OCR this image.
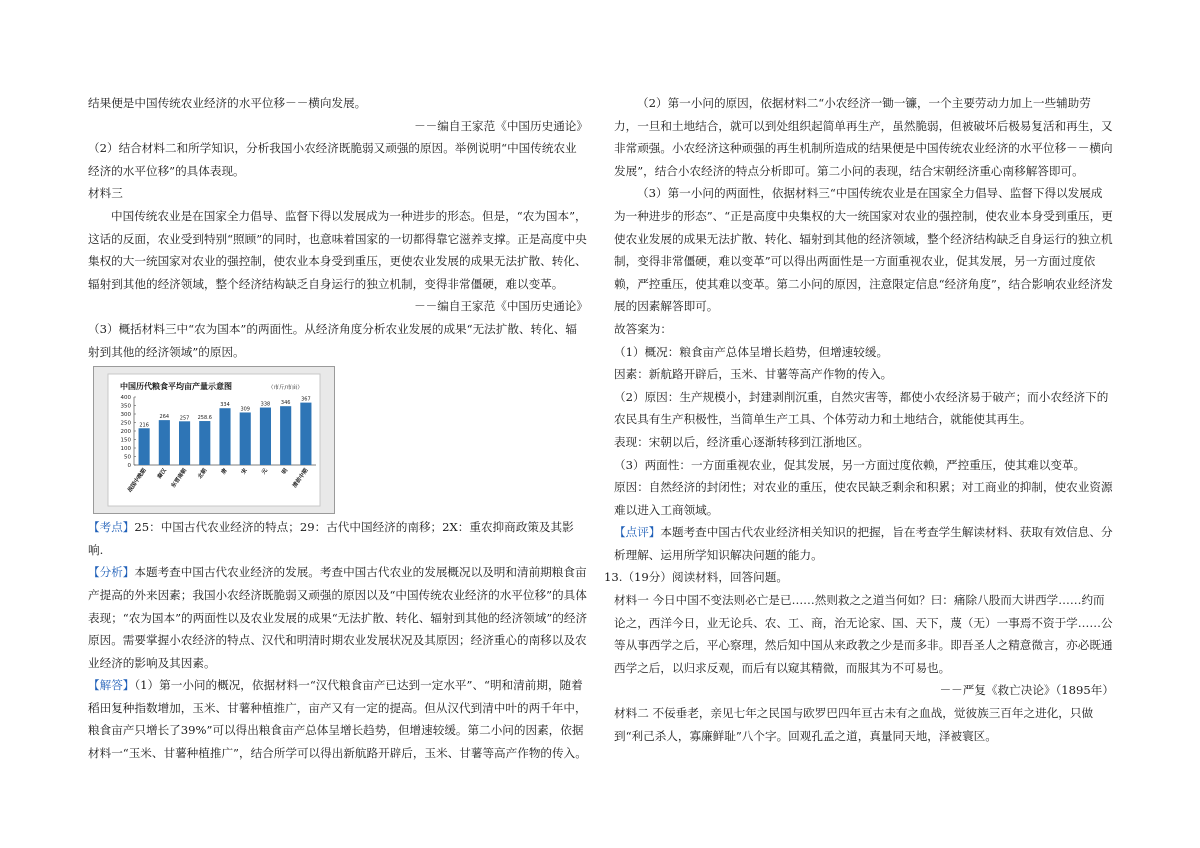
结果便是中国传统农业经济的水平位移－－横向发展。

－－编自王家范《中国历史通论》

（2）结合材料二和所学知识，分析我国小农经济既脆弱又顽强的原因。举例说明“中国传统农业经济的水平位移”的具体表现。

材料三

中国传统农业是在国家全力倡导、监督下得以发展成为一种进步的形态。但是，“农为国本”，这话的反面，农业受到特别“照顾”的同时，也意味着国家的一切都得靠它滋养支撑。正是高度中央集权的大一统国家对农业的强控制，使农业本身受到重压，更使农业发展的成果无法扩散、转化、辐射到其他的经济领域，整个经济结构缺乏自身运行的独立机制，变得非常僵硬，难以变革。

－－编自王家范《中国历史通论》

（3）概括材料三中“农为国本”的两面性。从经济角度分析农业发展的成果“无法扩散、转化、辐射到其他的经济领域”的原因。

中国历代粮食平均亩产量示意图	（市斤/市亩）
0
50
100
150
200
250
300
350
400
216
战国中晚期
264
秦汉
257
东晋南朝
258.6
北朝
334
唐
309
宋
338
元
346
明
367
清前中期

【考点】25：中国古代农业经济的特点；29：古代中国经济的南移；2X：重农抑商政策及其影响.

【分析】本题考查中国古代农业经济的发展。考查中国古代农业的发展概况以及明和清前期粮食亩产提高的外来因素；我国小农经济既脆弱又顽强的原因以及“中国传统农业经济的水平位移”的具体表现；“农为国本”的两面性以及农业发展的成果“无法扩散、转化、辐射到其他的经济领域”的经济原因。需要掌握小农经济的特点、汉代和明清时期农业发展状况及其原因；经济重心的南移以及农业经济的影响及其因素。

【解答】（1）第一小问的概况，依据材料一“汉代粮食亩产已达到一定水平”、“明和清前期，随着稻田复种指数增加，玉米、甘薯种植推广，亩产又有一定的提高。但从汉代到清中叶的两千年中，粮食亩产只增长了39%”可以得出粮食亩产总体呈增长趋势，但增速较缓。第二小问的因素，依据材料一“玉米、甘薯种植推广”，结合所学可以得出新航路开辟后，玉米、甘薯等高产作物的传入。

（2）第一小问的原因，依据材料二“小农经济一锄一镰，一个主要劳动力加上一些辅助劳力，一旦和土地结合，就可以到处组织起简单再生产，虽然脆弱，但被破坏后极易复活和再生，又非常顽强。小农经济这种顽强的再生机制所造成的结果便是中国传统农业经济的水平位移－－横向发展”，结合小农经济的特点分析即可。第二小问的表现，结合宋朝经济重心南移解答即可。

（3）第一小问的两面性，依据材料三“中国传统农业是在国家全力倡导、监督下得以发展成为一种进步的形态”、“正是高度中央集权的大一统国家对农业的强控制，使农业本身受到重压，更使农业发展的成果无法扩散、转化、辐射到其他的经济领域，整个经济结构缺乏自身运行的独立机制，变得非常僵硬，难以变革”可以得出两面性是一方面重视农业，促其发展，另一方面过度依赖，严控重压，使其难以变革。第二小问的原因，注意限定信息“经济角度”，结合影响农业经济发展的因素解答即可。

故答案为：

（1）概况：粮食亩产总体呈增长趋势，但增速较缓。

因素：新航路开辟后，玉米、甘薯等高产作物的传入。

（2）原因：生产规模小，封建剥削沉重，自然灾害等，都使小农经济易于破产；而小农经济下的农民具有生产积极性，当简单生产工具、个体劳动力和土地结合，就能使其再生。

表现：宋朝以后，经济重心逐渐转移到江浙地区。

（3）两面性：一方面重视农业，促其发展，另一方面过度依赖，严控重压，使其难以变革。

原因：自然经济的封闭性；对农业的重压，使农民缺乏剩余和积累；对工商业的抑制，使农业资源难以进入工商领域。

【点评】本题考查中国古代农业经济相关知识的把握，旨在考查学生解读材料、获取有效信息、分析理解、运用所学知识解决问题的能力。

13.（19分）阅读材料，回答问题。

材料一 今日中国不变法则必亡是已……然则救之之道当何如？曰：痛除八股而大讲西学……约而论之，西洋今日，业无论兵、农、工、商，治无论家、国、天下，蔑（无）一事焉不资于学……公等从事西学之后，平心察理，然后知中国从来政教之少是而多非。即吾圣人之精意微言，亦必既通西学之后，以归求反观，而后有以窥其精微，而服其为不可易也。

－－严复《救亡决论》（1895年）

材料二 不佞垂老，亲见七年之民国与欧罗巴四年亘古未有之血战，觉彼族三百年之进化，只做到“利己杀人，寡廉鲜耻”八个字。回观孔孟之道，真量同天地，泽被寰区。
